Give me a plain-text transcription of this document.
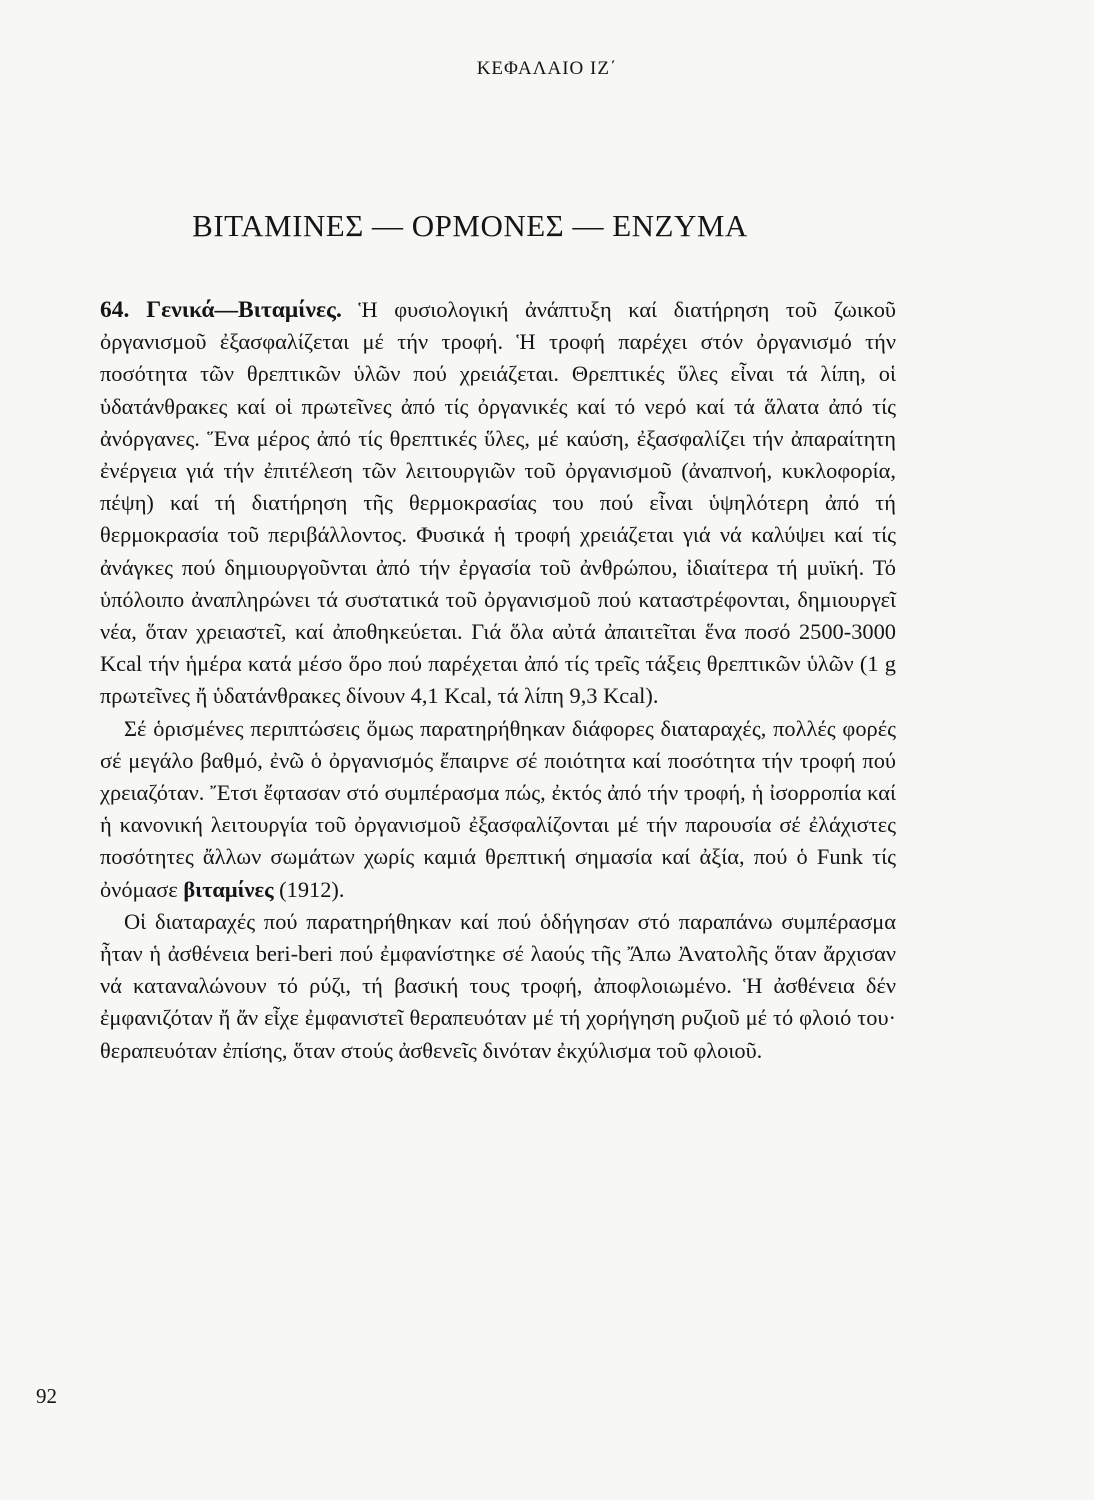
ΚΕΦΑΛΑΙΟ ΙΖ΄
ΒΙΤΑΜΙΝΕΣ — ΟΡΜΟΝΕΣ — ΕΝΖΥΜΑ

64. Γενικά—Βιταμίνες. Ἡ φυσιολογική ἀνάπτυξη καί διατήρηση τοῦ ζωικοῦ ὀργανισμοῦ ἐξασφαλίζεται μέ τήν τροφή. Ἡ τροφή παρέχει στόν ὀργανισμό τήν ποσότητα τῶν θρεπτικῶν ὑλῶν πού χρειάζεται. Θρεπτικές ὕλες εἶναι τά λίπη, οἱ ὑδατάνθρακες καί οἱ πρωτεῖνες ἀπό τίς ὀργανικές καί τό νερό καί τά ἅλατα ἀπό τίς ἀνόργανες. Ἕνα μέρος ἀπό τίς θρεπτικές ὕλες, μέ καύση, ἐξασφαλίζει τήν ἀπαραίτητη ἐνέργεια γιά τήν ἐπιτέλεση τῶν λειτουργιῶν τοῦ ὀργανισμοῦ (ἀναπνοή, κυκλοφορία, πέψη) καί τή διατήρηση τῆς θερμοκρασίας του πού εἶναι ὑψηλότερη ἀπό τή θερμοκρασία τοῦ περιβάλλοντος. Φυσικά ἡ τροφή χρειάζεται γιά νά καλύψει καί τίς ἀνάγκες πού δημιουργοῦνται ἀπό τήν ἐργασία τοῦ ἀνθρώπου, ἰδιαίτερα τή μυϊκή. Τό ὑπόλοιπο ἀναπληρώνει τά συστατικά τοῦ ὀργανισμοῦ πού καταστρέφονται, δημιουργεῖ νέα, ὅταν χρειαστεῖ, καί ἀποθηκεύεται. Γιά ὅλα αὐτά ἀπαιτεῖται ἕνα ποσό 2500-3000 Kcal τήν ἡμέρα κατά μέσο ὅρο πού παρέχεται ἀπό τίς τρεῖς τάξεις θρεπτικῶν ὑλῶν (1 g πρωτεῖνες ἤ ὑδατάνθρακες δίνουν 4,1 Kcal, τά λίπη 9,3 Kcal).

Σέ ὁρισμένες περιπτώσεις ὅμως παρατηρήθηκαν διάφορες διαταραχές, πολλές φορές σέ μεγάλο βαθμό, ἐνῶ ὁ ὀργανισμός ἔπαιρνε σέ ποιότητα καί ποσότητα τήν τροφή πού χρειαζόταν. Ἔτσι ἔφτασαν στό συμπέρασμα πώς, ἐκτός ἀπό τήν τροφή, ἡ ἰσορροπία καί ἡ κανονική λειτουργία τοῦ ὀργανισμοῦ ἐξασφαλίζονται μέ τήν παρουσία σέ ἐλάχιστες ποσότητες ἄλλων σωμάτων χωρίς καμιά θρεπτική σημασία καί ἀξία, πού ὁ Funk τίς ὀνόμασε βιταμίνες (1912).

Οἱ διαταραχές πού παρατηρήθηκαν καί πού ὁδήγησαν στό παραπάνω συμπέρασμα ἦταν ἡ ἀσθένεια beri-beri πού ἐμφανίστηκε σέ λαούς τῆς Ἄπω Ἀνατολῆς ὅταν ἄρχισαν νά καταναλώνουν τό ρύζι, τή βασική τους τροφή, ἀποφλοιωμένο. Ἡ ἀσθένεια δέν ἐμφανιζόταν ἤ ἄν εἶχε ἐμφανιστεῖ θεραπευόταν μέ τή χορήγηση ρυζιοῦ μέ τό φλοιό του· θεραπευόταν ἐπίσης, ὅταν στούς ἀσθενεῖς δινόταν ἐκχύλισμα τοῦ φλοιοῦ.

92
